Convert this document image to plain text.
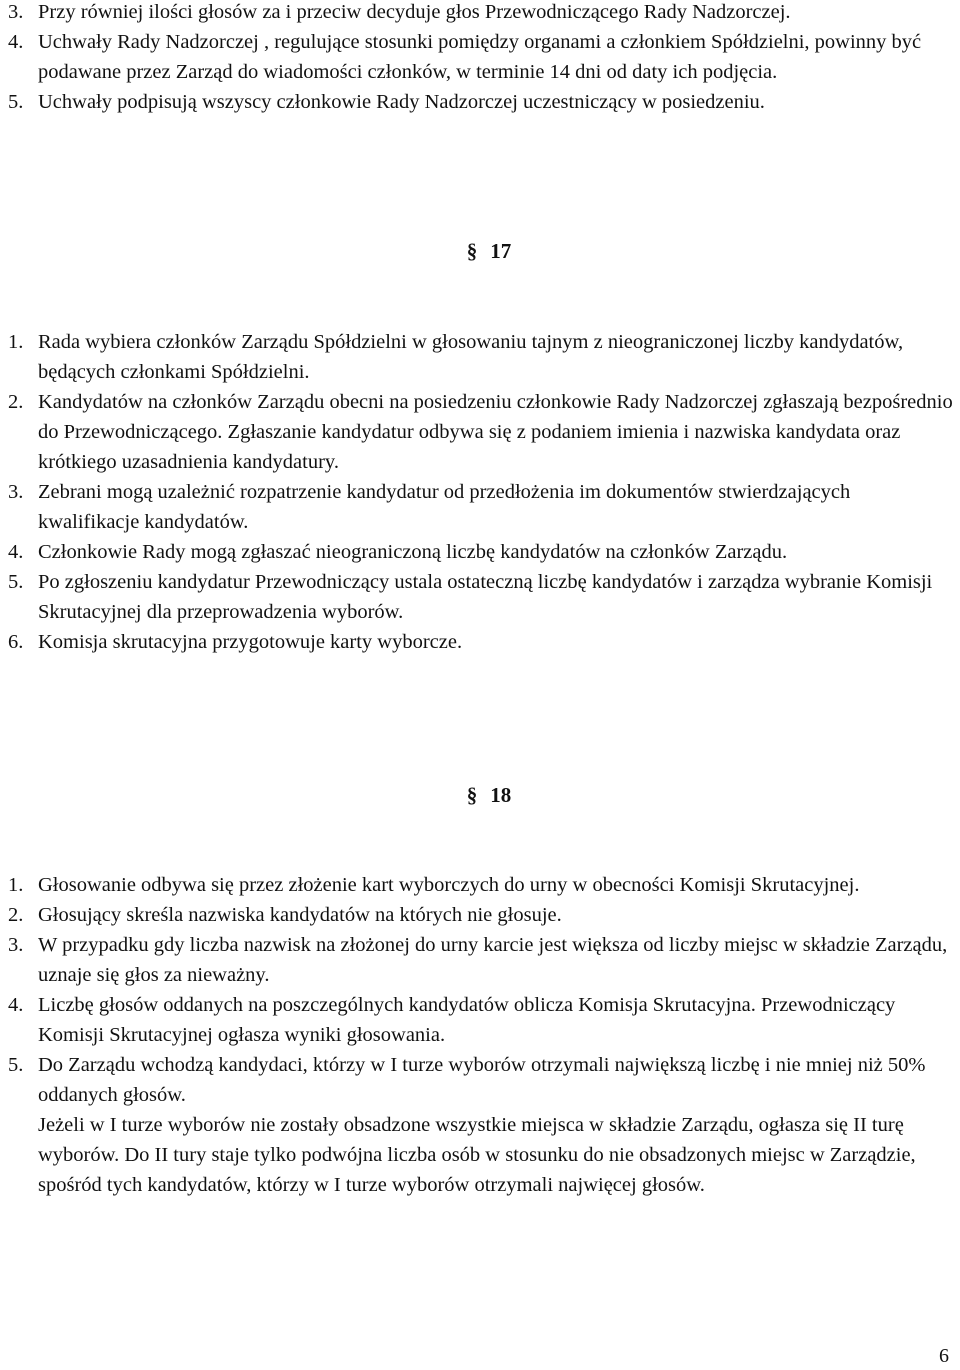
3. Przy równiej ilości głosów za i przeciw decyduje głos Przewodniczącego Rady Nadzorczej.
4. Uchwały Rady Nadzorczej , regulujące stosunki pomiędzy organami a członkiem Spółdzielni, powinny być podawane przez Zarząd do wiadomości członków, w terminie 14 dni od daty ich podjęcia.
5. Uchwały podpisują wszyscy członkowie Rady Nadzorczej uczestniczący w posiedzeniu.
§ 17
1. Rada wybiera członków Zarządu Spółdzielni w głosowaniu tajnym z nieograniczonej liczby kandydatów, będących członkami Spółdzielni.
2. Kandydatów na członków Zarządu obecni na posiedzeniu członkowie Rady Nadzorczej zgłaszają bezpośrednio do Przewodniczącego. Zgłaszanie kandydatur odbywa się z podaniem imienia i nazwiska kandydata oraz krótkiego uzasadnienia kandydatury.
3. Zebrani mogą uzależnić rozpatrzenie kandydatur od przedłożenia im dokumentów stwierdzających kwalifikacje kandydatów.
4. Członkowie Rady mogą zgłaszać nieograniczoną liczbę kandydatów na członków Zarządu.
5. Po zgłoszeniu kandydatur Przewodniczący ustala ostateczną liczbę kandydatów i zarządza wybranie Komisji Skrutacyjnej dla przeprowadzenia wyborów.
6. Komisja skrutacyjna przygotowuje karty wyborcze.
§ 18
1. Głosowanie odbywa się przez złożenie kart wyborczych do urny w obecności Komisji Skrutacyjnej.
2. Głosujący skreśla nazwiska kandydatów na których nie głosuje.
3. W przypadku gdy liczba nazwisk na złożonej do urny karcie jest większa od liczby miejsc w składzie Zarządu, uznaje się głos za nieważny.
4. Liczbę głosów oddanych na poszczególnych kandydatów oblicza Komisja Skrutacyjna. Przewodniczący Komisji Skrutacyjnej ogłasza wyniki głosowania.
5. Do Zarządu wchodzą kandydaci, którzy w I turze wyborów otrzymali największą liczbę i nie mniej niż 50% oddanych głosów.
Jeżeli w I turze wyborów nie zostały obsadzone wszystkie miejsca w składzie Zarządu, ogłasza się II turę wyborów. Do II tury staje tylko podwójna liczba osób w stosunku do nie obsadzonych miejsc w Zarządzie, spośród tych kandydatów, którzy w I turze wyborów otrzymali najwięcej głosów.
6
